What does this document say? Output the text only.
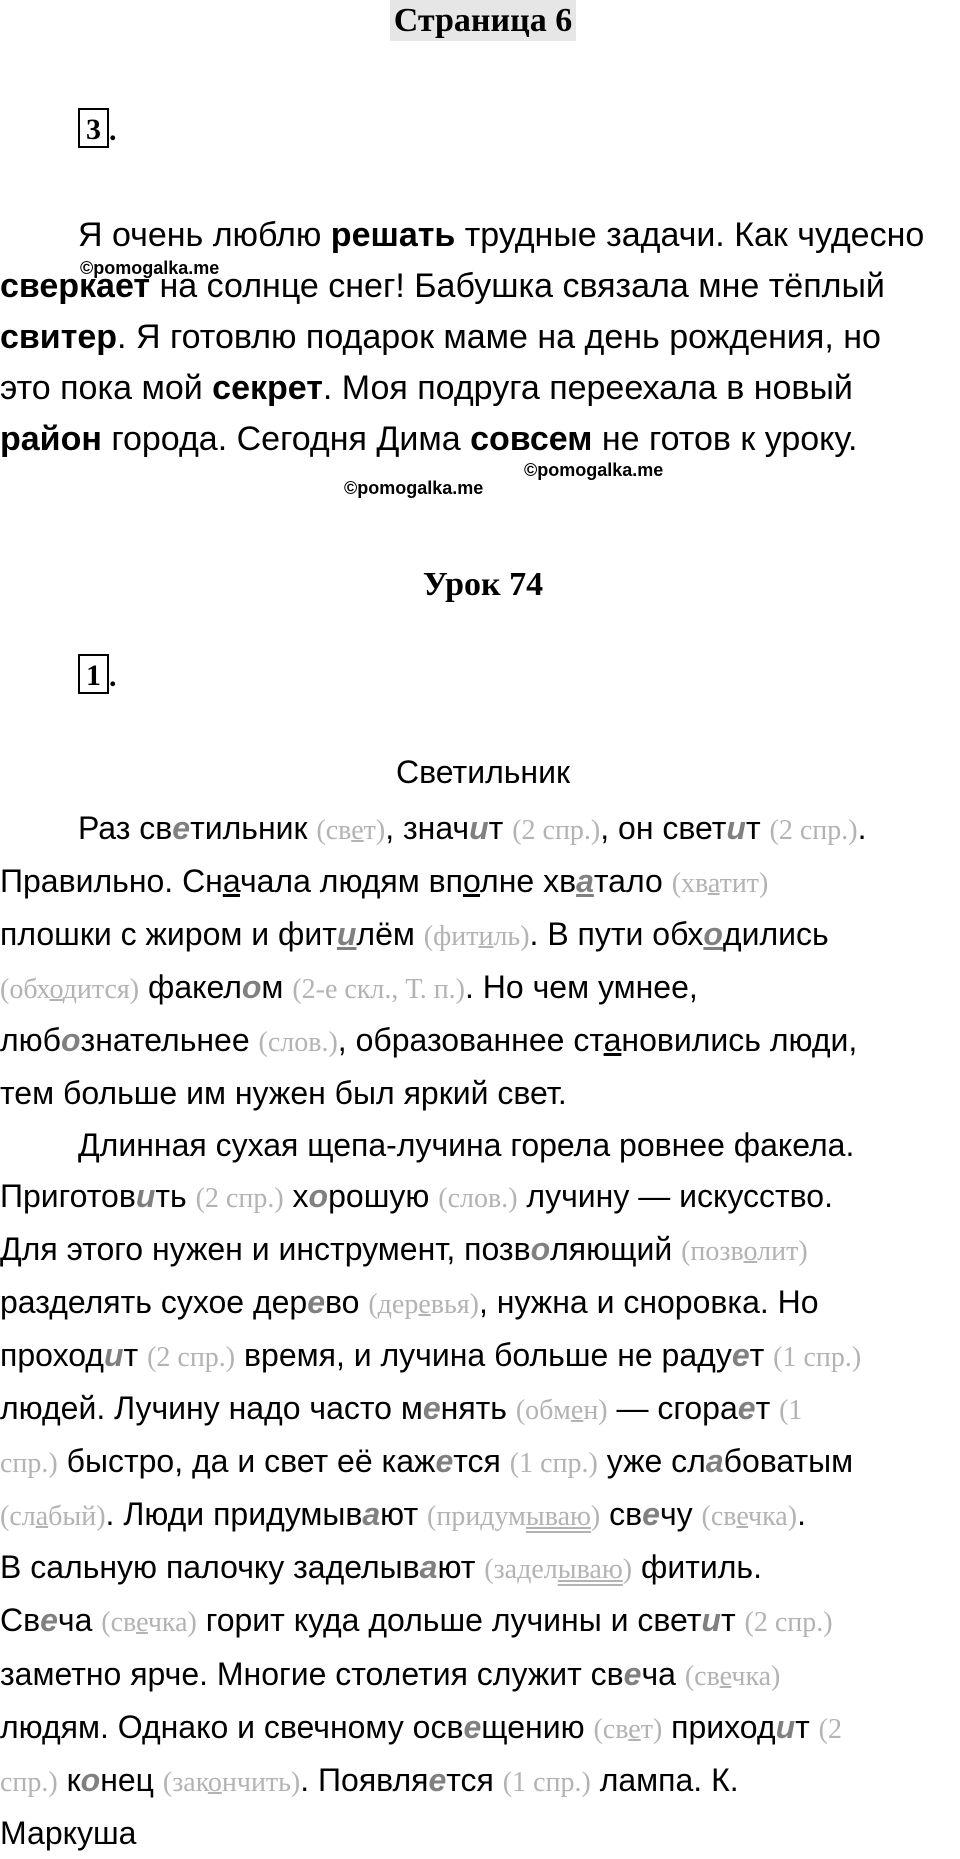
Страница 6
3 .

Я очень люблю решать трудные задачи. Как чудесно
сверкает на солнце снег! Бабушка связала мне тёплый
свитер. Я готовлю подарок маме на день рождения, но
это пока мой секрет. Моя подруга переехала в новый
район города. Сегодня Дима совсем не готов к уроку.

©pomogalka.me
©pomogalka.me
©pomogalka.me
Урок 74
1 .
Светильник

Раз светильник (свет), значит (2 спр.), он светит (2 спр.).
Правильно. Сначала людям вполне хватало (хватит)
плошки с жиром и фитилём (фитиль). В пути обходились
(обходится) факелом (2-е скл., Т. п.). Но чем умнее,
любознательнее (слов.), образованнее становились люди,
тем больше им нужен был яркий свет.

Длинная сухая щепа-лучина горела ровнее факела.
Приготовить (2 спр.) хорошую (слов.) лучину — искусство.
Для этого нужен и инструмент, позволяющий (позволит)
разделять сухое дерево (деревья), нужна и сноровка. Но
проходит (2 спр.) время, и лучина больше не радует (1 спр.)
людей. Лучину надо часто менять (обмен) — сгорает (1
спр.) быстро, да и свет её кажется (1 спр.) уже слабоватым
(слабый). Люди придумывают (придумываю) свечу (свечка).
В сальную палочку заделывают (заделываю) фитиль.
Свеча (свечка) горит куда дольше лучины и светит (2 спр.)
заметно ярче. Многие столетия служит свеча (свечка)
людям. Однако и свечному освещению (свет) приходит (2
спр.) конец (закончить). Появляется (1 спр.) лампа. К.
Маркуша
